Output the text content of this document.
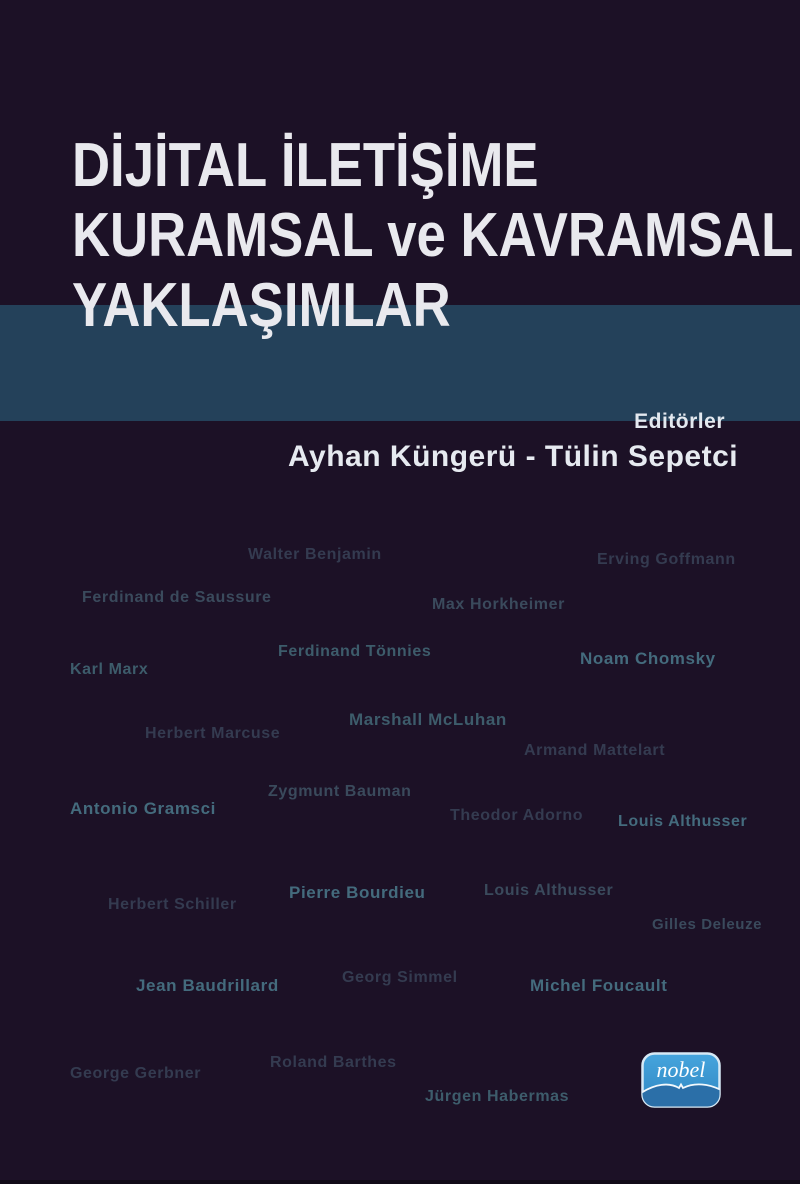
Walter Benjamin	Erving Goffmann
Ferdinand de Saussure	Max Horkheimer
Ferdinand Tönnies	Noam Chomsky
Karl Marx
Marshall McLuhan
Herbert Marcuse
Armand Mattelart
Zygmunt Bauman
Antonio Gramsci	Theodor Adorno Louis Althusser
Pierre Bourdieu	Louis Althusser
Herbert Schiller
Gilles Deleuze
Georg Simmel
Jean Baudrillard	Michel Foucault
Roland Barthes
George Gerbner
Jürgen Habermas
DİJİTAL İLETİŞİME
KURAMSAL ve KAVRAMSAL
YAKLAŞIMLAR
Editörler
Ayhan Küngerü - Tülin Sepetci
nobel
